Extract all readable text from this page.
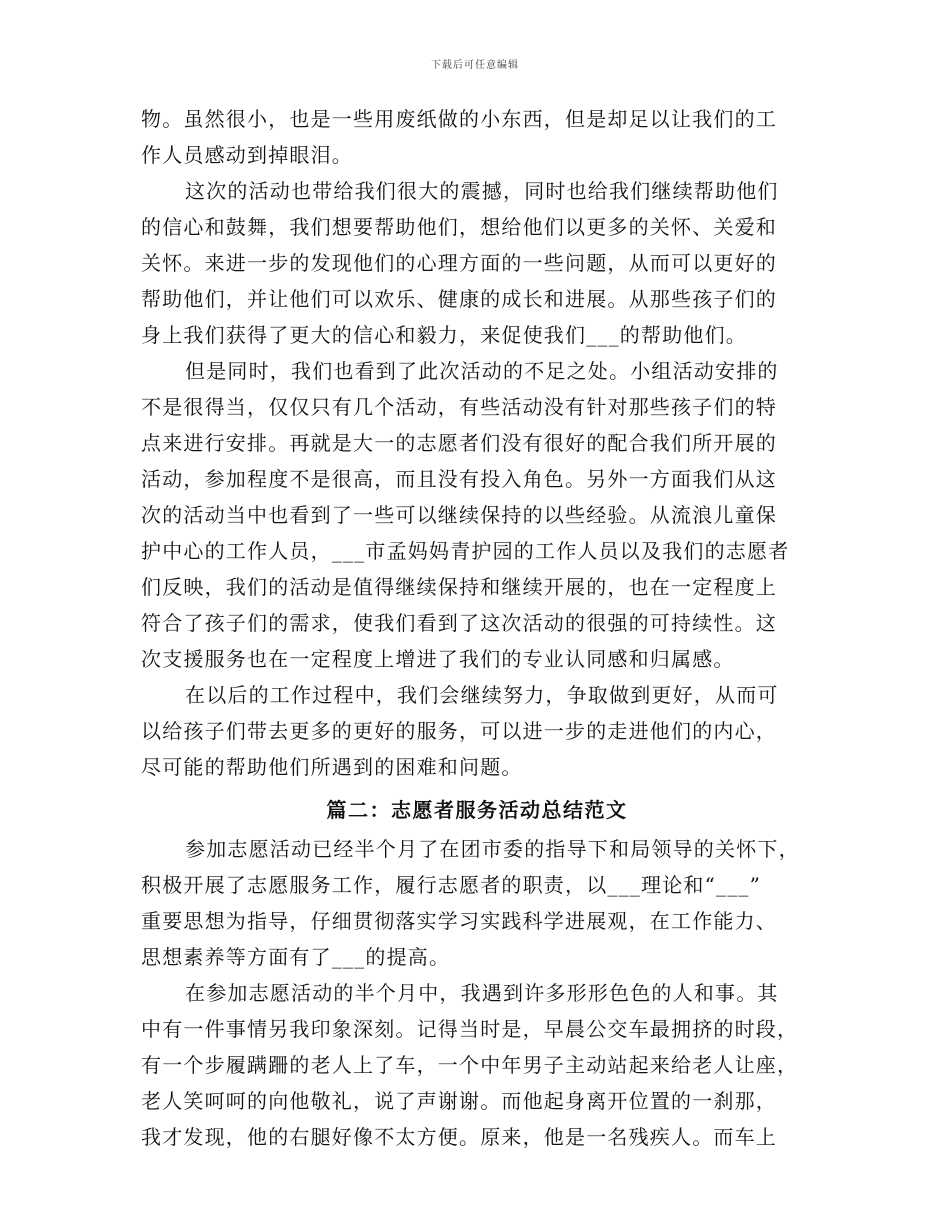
下载后可任意编辑
物。虽然很小，也是一些用废纸做的小东西，但是却足以让我们的工
作人员感动到掉眼泪。
这次的活动也带给我们很大的震撼，同时也给我们继续帮助他们
的信心和鼓舞，我们想要帮助他们，想给他们以更多的关怀、关爱和
关怀。来进一步的发现他们的心理方面的一些问题，从而可以更好的
帮助他们，并让他们可以欢乐、健康的成长和进展。从那些孩子们的
身上我们获得了更大的信心和毅力，来促使我们___的帮助他们。
但是同时，我们也看到了此次活动的不足之处。小组活动安排的
不是很得当，仅仅只有几个活动，有些活动没有针对那些孩子们的特
点来进行安排。再就是大一的志愿者们没有很好的配合我们所开展的
活动，参加程度不是很高，而且没有投入角色。另外一方面我们从这
次的活动当中也看到了一些可以继续保持的以些经验。从流浪儿童保
护中心的工作人员，___市孟妈妈青护园的工作人员以及我们的志愿者
们反映，我们的活动是值得继续保持和继续开展的，也在一定程度上
符合了孩子们的需求，使我们看到了这次活动的很强的可持续性。这
次支援服务也在一定程度上增进了我们的专业认同感和归属感。
在以后的工作过程中，我们会继续努力，争取做到更好，从而可
以给孩子们带去更多的更好的服务，可以进一步的走进他们的内心，
尽可能的帮助他们所遇到的困难和问题。
篇二：志愿者服务活动总结范文
参加志愿活动已经半个月了在团市委的指导下和局领导的关怀下，
积极开展了志愿服务工作，履行志愿者的职责，以___理论和“___”
重要思想为指导，仔细贯彻落实学习实践科学进展观，在工作能力、
思想素养等方面有了___的提高。
在参加志愿活动的半个月中，我遇到许多形形色色的人和事。其
中有一件事情另我印象深刻。记得当时是，早晨公交车最拥挤的时段，
有一个步履蹒跚的老人上了车，一个中年男子主动站起来给老人让座，
老人笑呵呵的向他敬礼，说了声谢谢。而他起身离开位置的一刹那，
我才发现，他的右腿好像不太方便。原来，他是一名残疾人。而车上
